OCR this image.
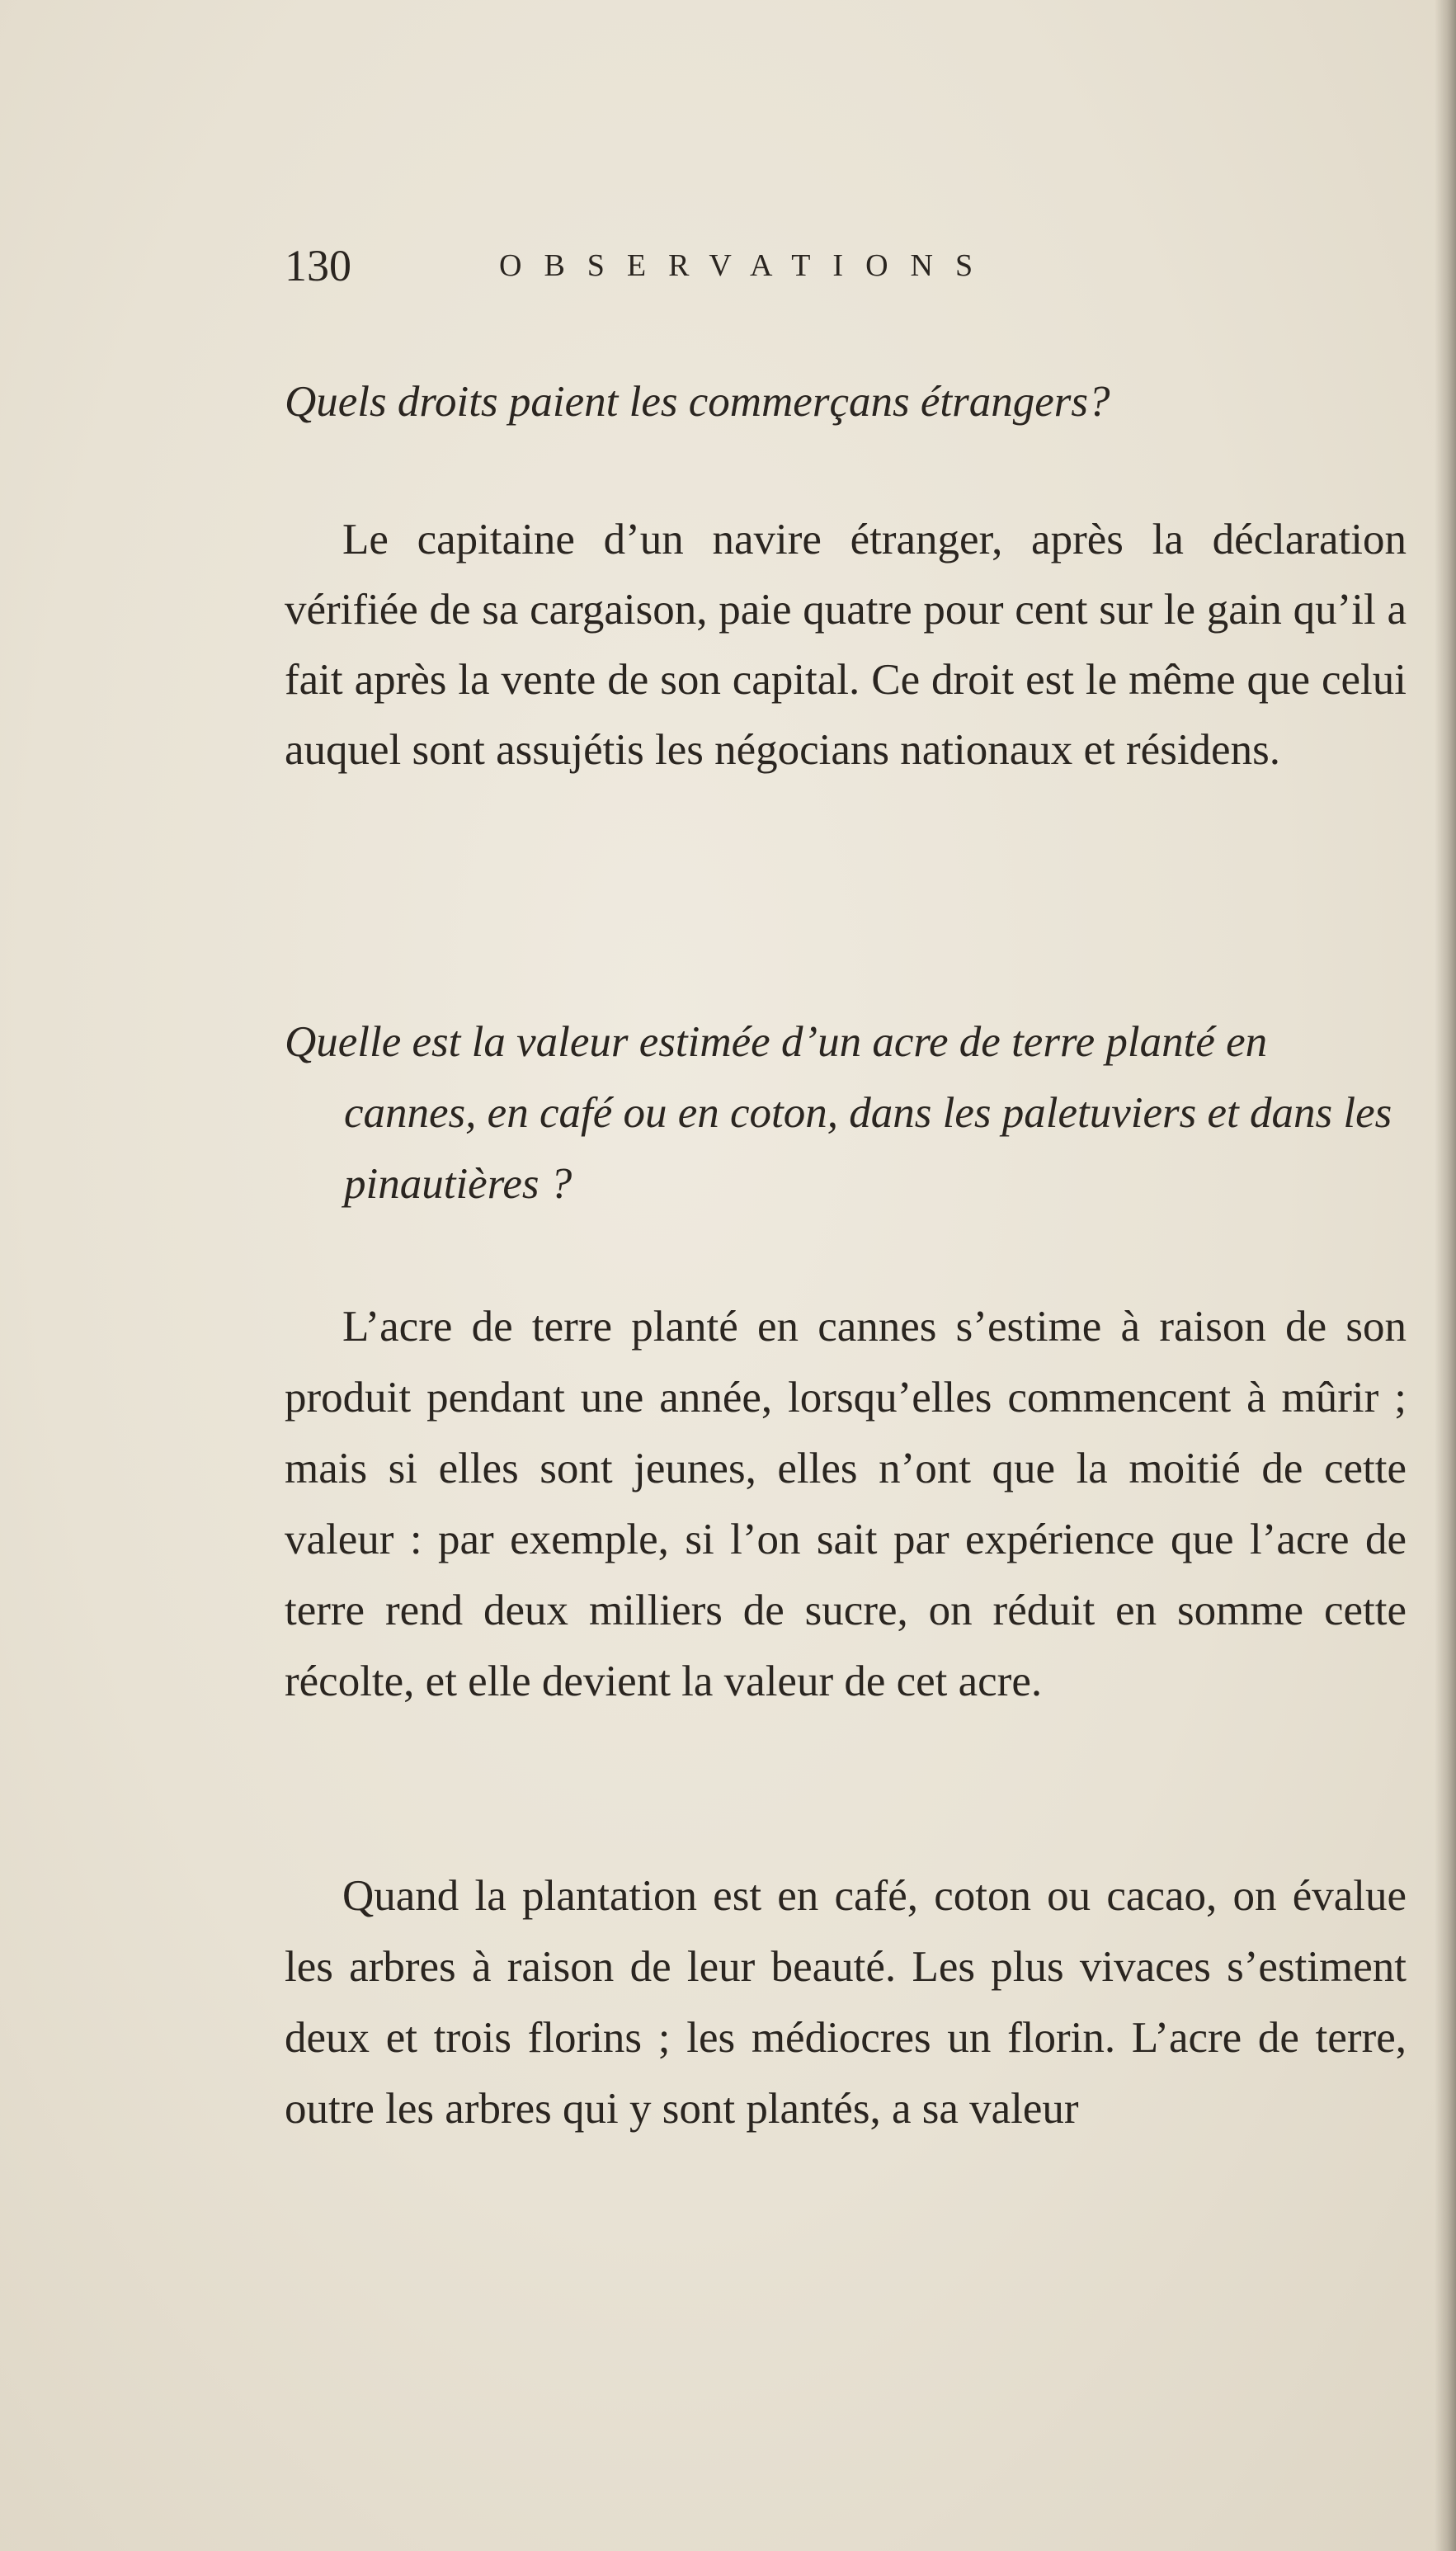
130	OBSERVATIONS

Quels droits paient les commerçans étrangers?

Le capitaine d’un navire étranger, après la déclaration vérifiée de sa cargaison, paie quatre pour cent sur le gain qu’il a fait après la vente de son capital. Ce droit est le même que celui auquel sont assujétis les négocians nationaux et résidens.

Quelle est la valeur estimée d’un acre de terre planté en cannes, en café ou en coton, dans les paletuviers et dans les pinautières ?

L’acre de terre planté en cannes s’estime à raison de son produit pendant une année, lorsqu’elles commencent à mûrir ; mais si elles sont jeunes, elles n’ont que la moitié de cette valeur : par exemple, si l’on sait par expérience que l’acre de terre rend deux milliers de sucre, on réduit en somme cette récolte, et elle devient la valeur de cet acre.

Quand la plantation est en café, coton ou cacao, on évalue les arbres à raison de leur beauté. Les plus vivaces s’estiment deux et trois florins ; les médiocres un florin. L’acre de terre, outre les arbres qui y sont plantés, a sa valeur
